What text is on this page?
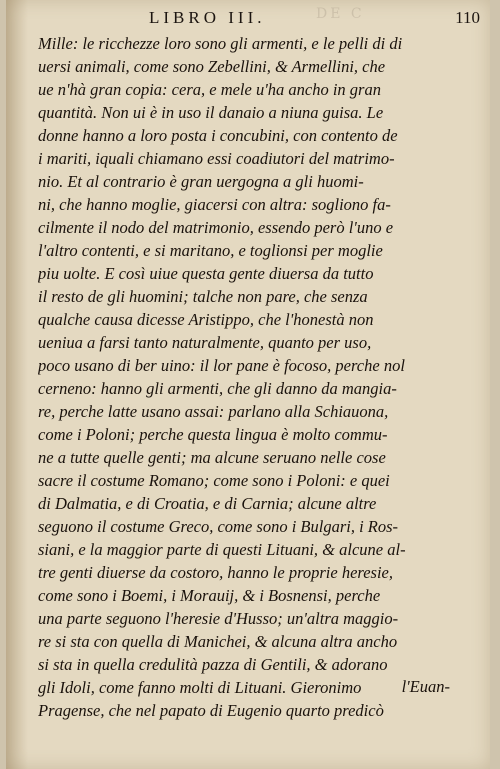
DE C
LIBRO III.	110
Mille: le ricchezze loro sono gli armenti, e le pelli di di
uersi animali, come sono Zebellini, & Armellini, che
ue n'hà gran copia: cera, e mele u'ha ancho in gran
quantità. Non ui è in uso il danaio a niuna guisa. Le
donne hanno a loro posta i concubini, con contento de
i mariti, iquali chiamano essi coadiutori del matrimo-
nio. Et al contrario è gran uergogna a gli huomi-
ni, che hanno moglie, giacersi con altra: sogliono fa-
cilmente il nodo del matrimonio, essendo però l'uno e
l'altro contenti, e si maritano, e toglionsi per moglie
piu uolte. E così uiue questa gente diuersa da tutto
il resto de gli huomini; talche non pare, che senza
qualche causa dicesse Aristippo, che l'honestà non
ueniua a farsi tanto naturalmente, quanto per uso,
poco usano di ber uino: il lor pane è focoso, perche nol
cerneno: hanno gli armenti, che gli danno da mangia-
re, perche latte usano assai: parlano alla Schiauona,
come i Poloni; perche questa lingua è molto commu-
ne a tutte quelle genti; ma alcune seruano nelle cose
sacre il costume Romano; come sono i Poloni: e quei
di Dalmatia, e di Croatia, e di Carnia; alcune altre
seguono il costume Greco, come sono i Bulgari, i Ros-
siani, e la maggior parte di questi Lituani, & alcune al-
tre genti diuerse da costoro, hanno le proprie heresie,
come sono i Boemi, i Morauij, & i Bosnensi, perche
una parte seguono l'heresie d'Husso; un'altra maggio-
re si sta con quella di Manichei, & alcuna altra ancho
si sta in quella credulità pazza di Gentili, & adorano
gli Idoli, come fanno molti di Lituani. Gieronimo
Pragense, che nel papato di Eugenio quarto predicò
l'Euan-
